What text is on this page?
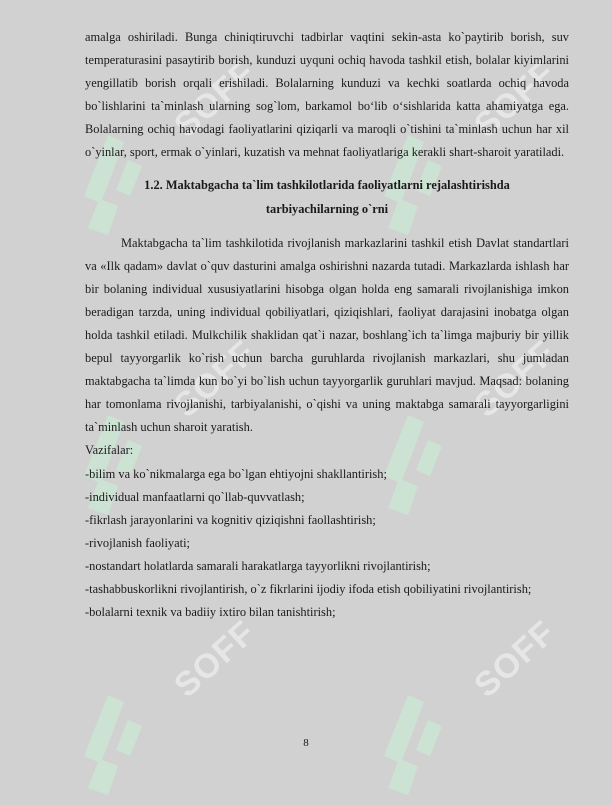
SOFF	SOFF
SOFF	SOFF
SOFF	SOFF

amalga oshiriladi. Bunga chiniqtiruvchi tadbirlar vaqtini sekin-asta ko`paytirib borish, suv temperaturasini pasaytirib borish, kunduzi uyquni ochiq havoda tashkil etish, bolalar kiyimlarini yengillatib borish orqali erishiladi. Bolalarning kunduzi va kechki soatlarda ochiq havoda bo`lishlarini ta`minlash ularning sog`lom, barkamol bo‘lib o‘sishlarida katta ahamiyatga ega. Bolalarning ochiq havodagi faoliyatlarini qiziqarli va maroqli o`tishini ta`minlash uchun har xil o`yinlar, sport, ermak o`yinlari, kuzatish va mehnat faoliyatlariga kerakli shart-sharoit yaratiladi.

1.2. Maktabgacha ta`lim tashkilotlarida faoliyatlarni rejalashtirishda
tarbiyachilarning o`rni

Maktabgacha ta`lim tashkilotida rivojlanish markazlarini tashkil etish Davlat standartlari va «Ilk qadam» davlat o`quv dasturini amalga oshirishni nazarda tutadi. Markazlarda ishlash har bir bolaning individual xususiyatlarini hisobga olgan holda eng samarali rivojlanishiga imkon beradigan tarzda, uning individual qobiliyatlari, qiziqishlari, faoliyat darajasini inobatga olgan holda tashkil etiladi. Mulkchilik shaklidan qat`i nazar, boshlang`ich ta`limga majburiy bir yillik bepul tayyorgarlik ko`rish uchun barcha guruhlarda rivojlanish markazlari, shu jumladan maktabgacha ta`limda kun bo`yi bo`lish uchun tayyorgarlik guruhlari mavjud. Maqsad: bolaning har tomonlama rivojlanishi, tarbiyalanishi, o`qishi va uning maktabga samarali tayyorgarligini ta`minlash uchun sharoit yaratish.

Vazifalar:

-bilim va ko`nikmalarga ega bo`lgan ehtiyojni shakllantirish;

-individual manfaatlarni qo`llab-quvvatlash;

-fikrlash jarayonlarini va kognitiv qiziqishni faollashtirish;

-rivojlanish faoliyati;

-nostandart holatlarda samarali harakatlarga tayyorlikni rivojlantirish;

-tashabbuskorlikni rivojlantirish, o`z fikrlarini ijodiy ifoda etish qobiliyatini rivojlantirish;

-bolalarni texnik va badiiy ixtiro bilan tanishtirish;

8
